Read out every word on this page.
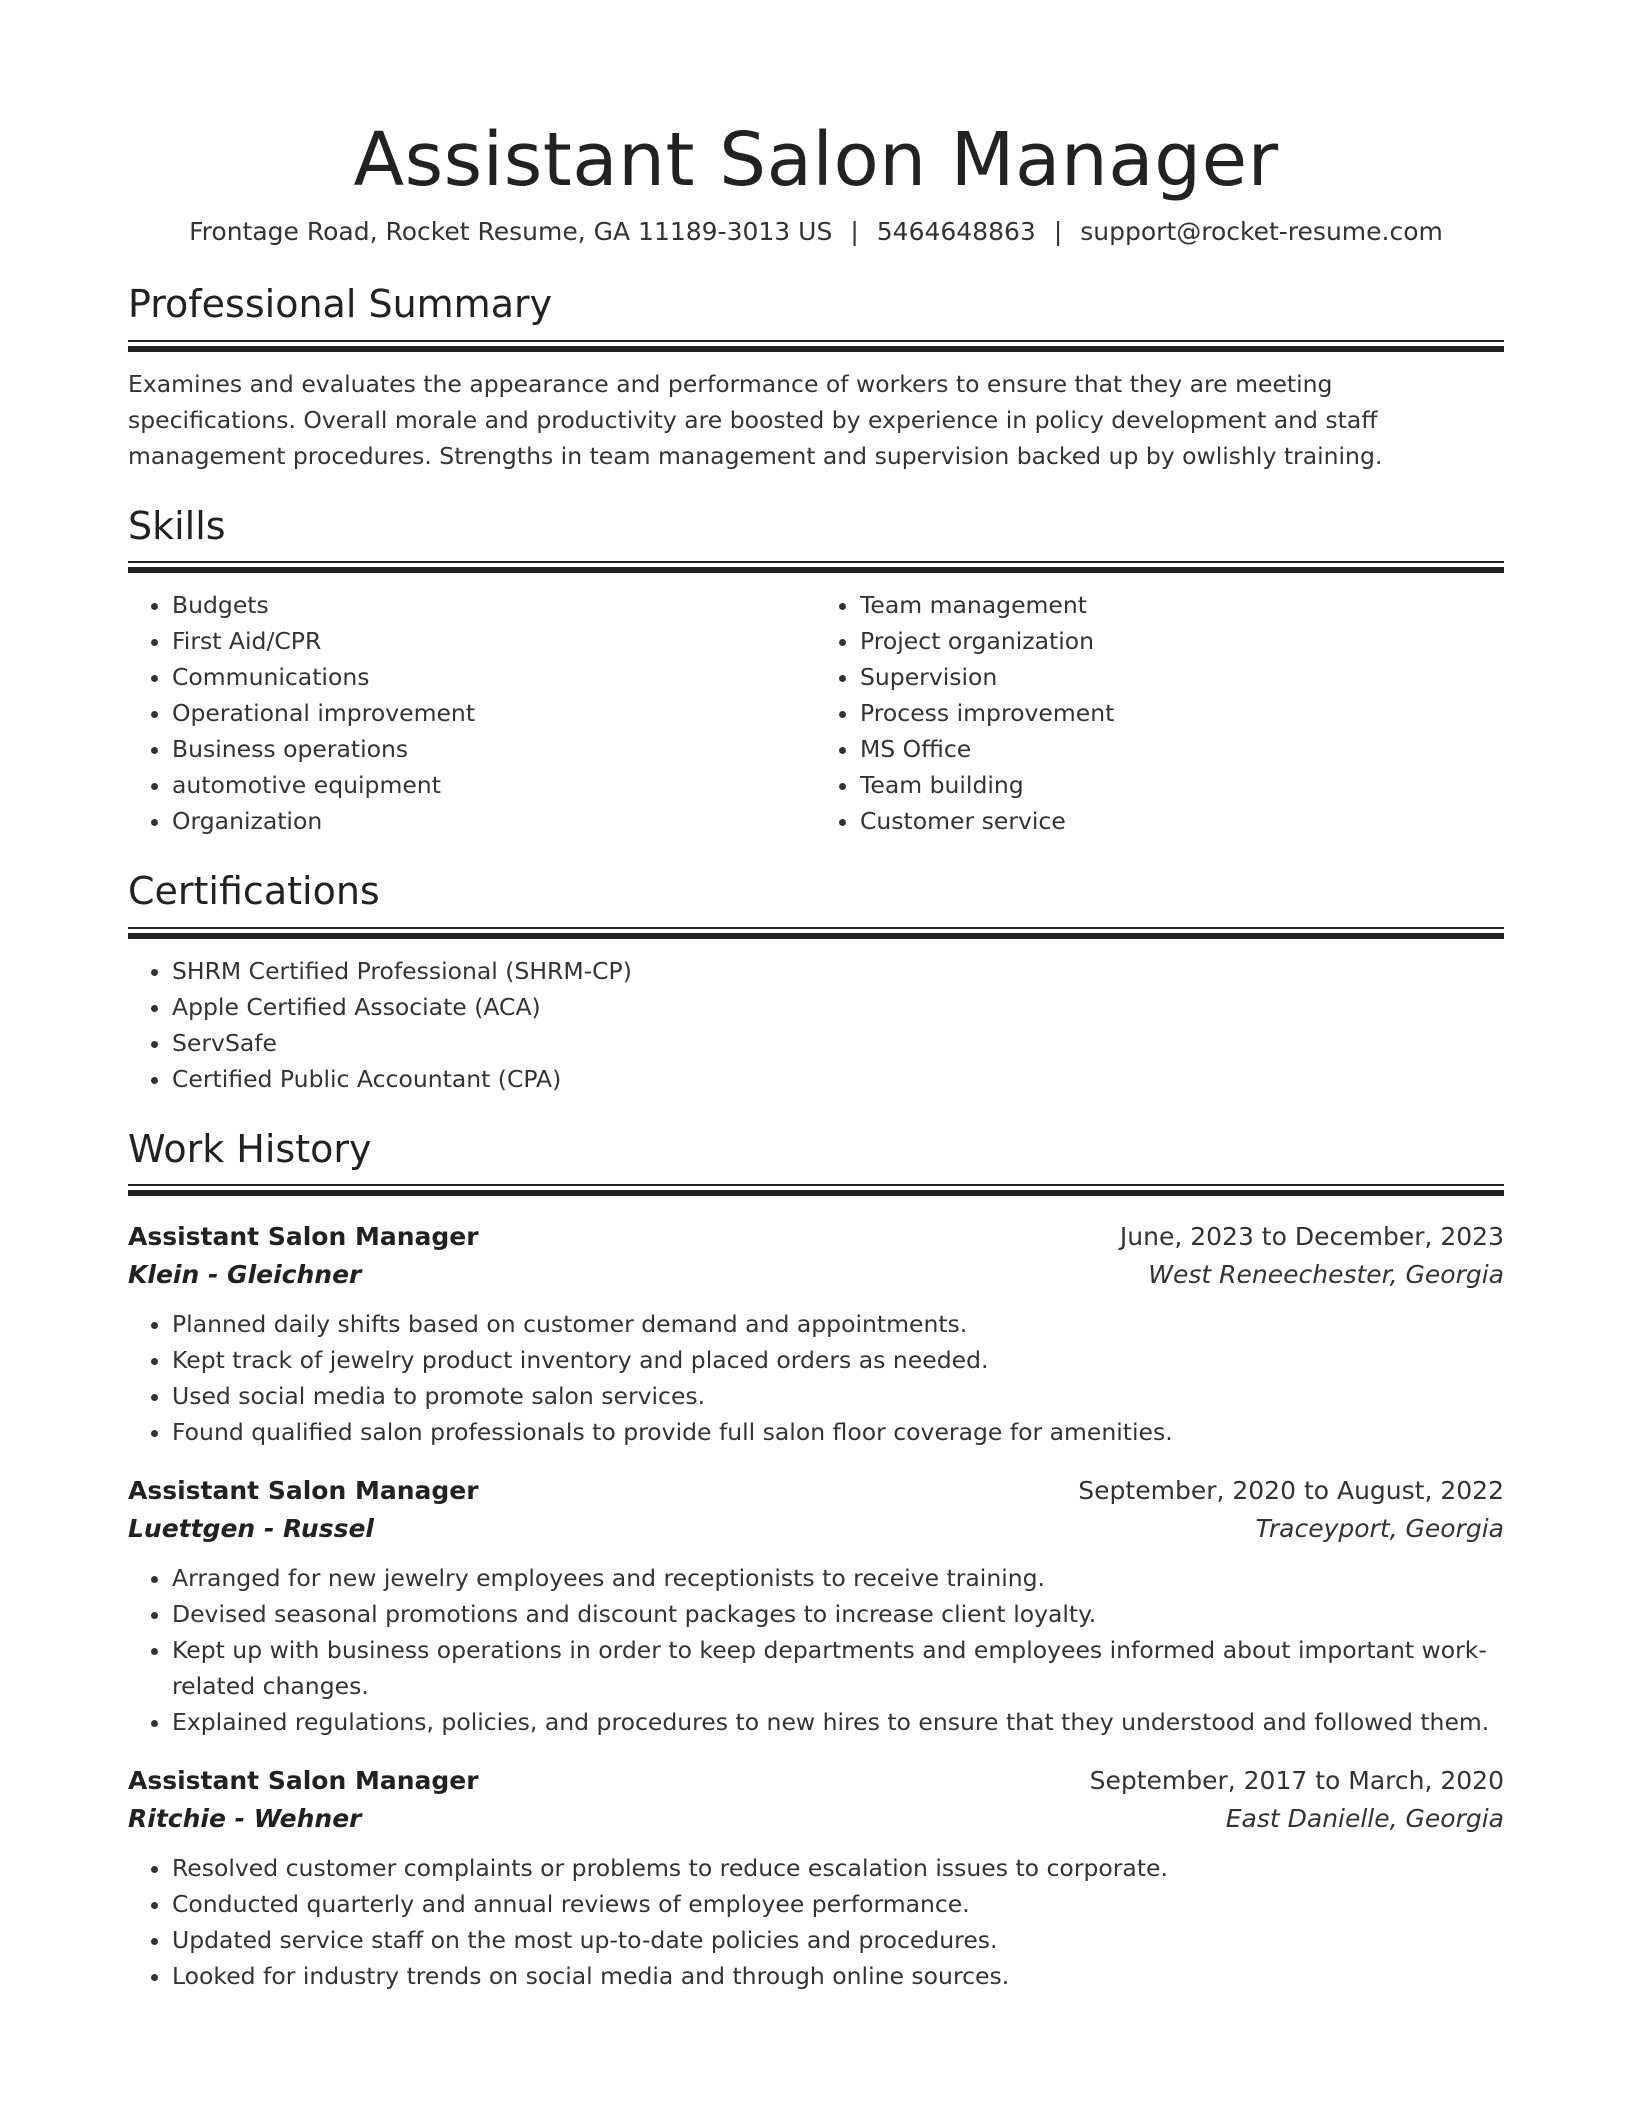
Assistant Salon Manager
Frontage Road, Rocket Resume, GA 11189-3013 US | 5464648863 | support@rocket-resume.com
Professional Summary
Examines and evaluates the appearance and performance of workers to ensure that they are meeting specifications. Overall morale and productivity are boosted by experience in policy development and staff management procedures. Strengths in team management and supervision backed up by owlishly training.
Skills
• Budgets
• First Aid/CPR
• Communications
• Operational improvement
• Business operations
• automotive equipment
• Organization
• Team management
• Project organization
• Supervision
• Process improvement
• MS Office
• Team building
• Customer service
Certifications
• SHRM Certified Professional (SHRM-CP)
• Apple Certified Associate (ACA)
• ServSafe
• Certified Public Accountant (CPA)
Work History
Assistant Salon Manager	June, 2023 to December, 2023
Klein - Gleichner	West Reneechester, Georgia
• Planned daily shifts based on customer demand and appointments.
• Kept track of jewelry product inventory and placed orders as needed.
• Used social media to promote salon services.
• Found qualified salon professionals to provide full salon floor coverage for amenities.
Assistant Salon Manager	September, 2020 to August, 2022
Luettgen - Russel	Traceyport, Georgia
• Arranged for new jewelry employees and receptionists to receive training.
• Devised seasonal promotions and discount packages to increase client loyalty.
• Kept up with business operations in order to keep departments and employees informed about important work-related changes.
• Explained regulations, policies, and procedures to new hires to ensure that they understood and followed them.
Assistant Salon Manager	September, 2017 to March, 2020
Ritchie - Wehner	East Danielle, Georgia
• Resolved customer complaints or problems to reduce escalation issues to corporate.
• Conducted quarterly and annual reviews of employee performance.
• Updated service staff on the most up-to-date policies and procedures.
• Looked for industry trends on social media and through online sources.
